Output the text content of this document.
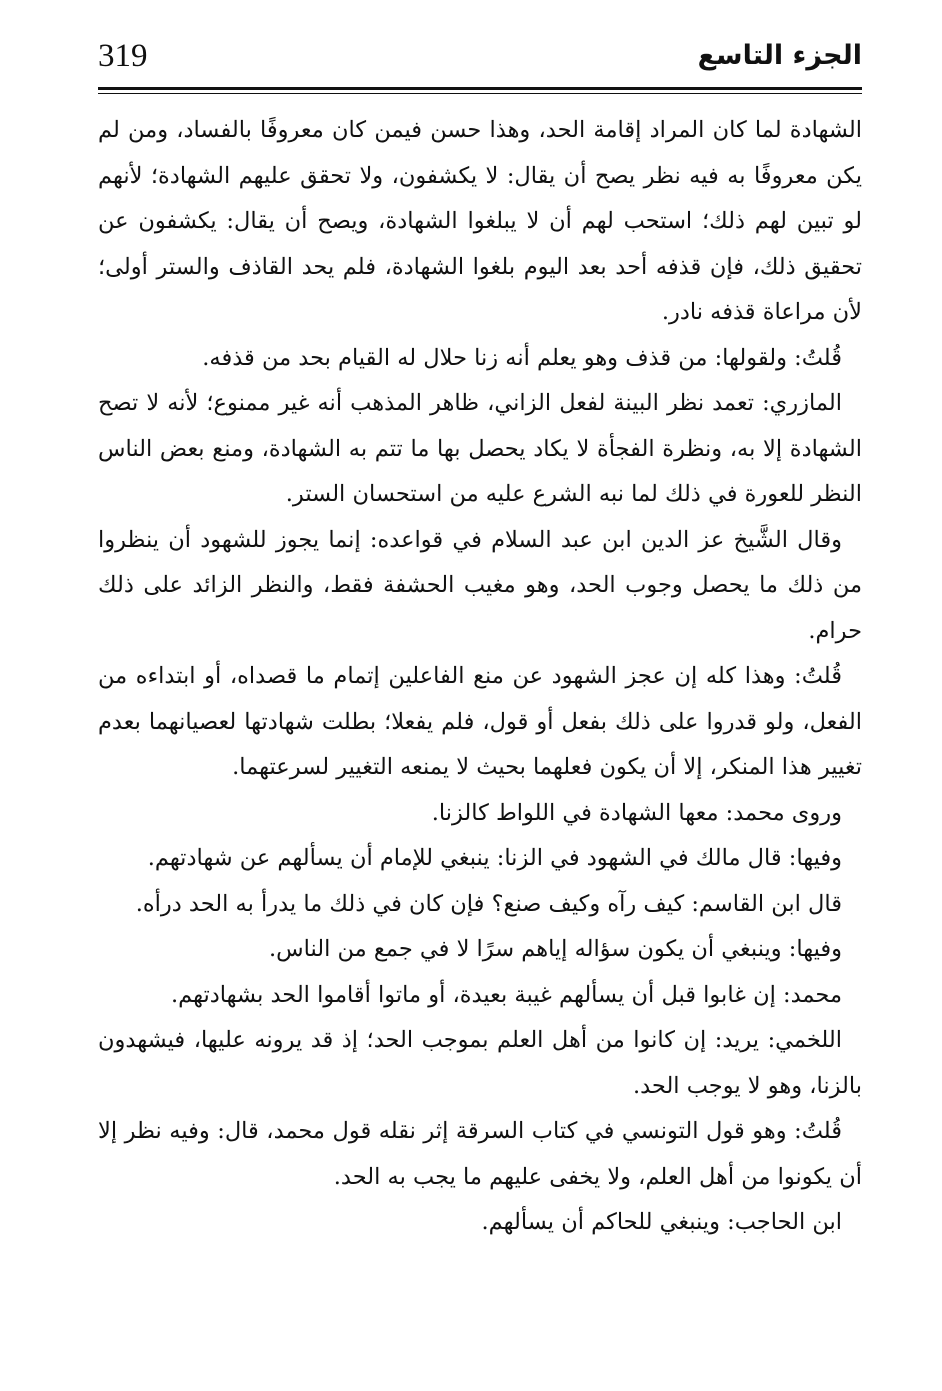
319	الجزء التاسع

الشهادة لما كان المراد إقامة الحد، وهذا حسن فيمن كان معروفًا بالفساد، ومن لم يكن معروفًا به فيه نظر يصح أن يقال: لا يكشفون، ولا تحقق عليهم الشهادة؛ لأنهم لو تبين لهم ذلك؛ استحب لهم أن لا يبلغوا الشهادة، ويصح أن يقال: يكشفون عن تحقيق ذلك، فإن قذفه أحد بعد اليوم بلغوا الشهادة، فلم يحد القاذف والستر أولى؛ لأن مراعاة قذفه نادر.

قُلتُ: ولقولها: من قذف وهو يعلم أنه زنا حلال له القيام بحد من قذفه.

المازري: تعمد نظر البينة لفعل الزاني، ظاهر المذهب أنه غير ممنوع؛ لأنه لا تصح الشهادة إلا به، ونظرة الفجأة لا يكاد يحصل بها ما تتم به الشهادة، ومنع بعض الناس النظر للعورة في ذلك لما نبه الشرع عليه من استحسان الستر.

وقال الشَّيخ عز الدين ابن عبد السلام في قواعده: إنما يجوز للشهود أن ينظروا من ذلك ما يحصل وجوب الحد، وهو مغيب الحشفة فقط، والنظر الزائد على ذلك حرام.

قُلتُ: وهذا كله إن عجز الشهود عن منع الفاعلين إتمام ما قصداه، أو ابتداءه من الفعل، ولو قدروا على ذلك بفعل أو قول، فلم يفعلا؛ بطلت شهادتها لعصيانهما بعدم تغيير هذا المنكر، إلا أن يكون فعلهما بحيث لا يمنعه التغيير لسرعتهما.

وروى محمد: معها الشهادة في اللواط كالزنا.

وفيها: قال مالك في الشهود في الزنا: ينبغي للإمام أن يسألهم عن شهادتهم.

قال ابن القاسم: كيف رآه وكيف صنع؟ فإن كان في ذلك ما يدرأ به الحد درأه.

وفيها: وينبغي أن يكون سؤاله إياهم سرًا لا في جمع من الناس.

محمد: إن غابوا قبل أن يسألهم غيبة بعيدة، أو ماتوا أقاموا الحد بشهادتهم.

اللخمي: يريد: إن كانوا من أهل العلم بموجب الحد؛ إذ قد يرونه عليها، فيشهدون بالزنا، وهو لا يوجب الحد.

قُلتُ: وهو قول التونسي في كتاب السرقة إثر نقله قول محمد، قال: وفيه نظر إلا أن يكونوا من أهل العلم، ولا يخفى عليهم ما يجب به الحد.

ابن الحاجب: وينبغي للحاكم أن يسألهم.
